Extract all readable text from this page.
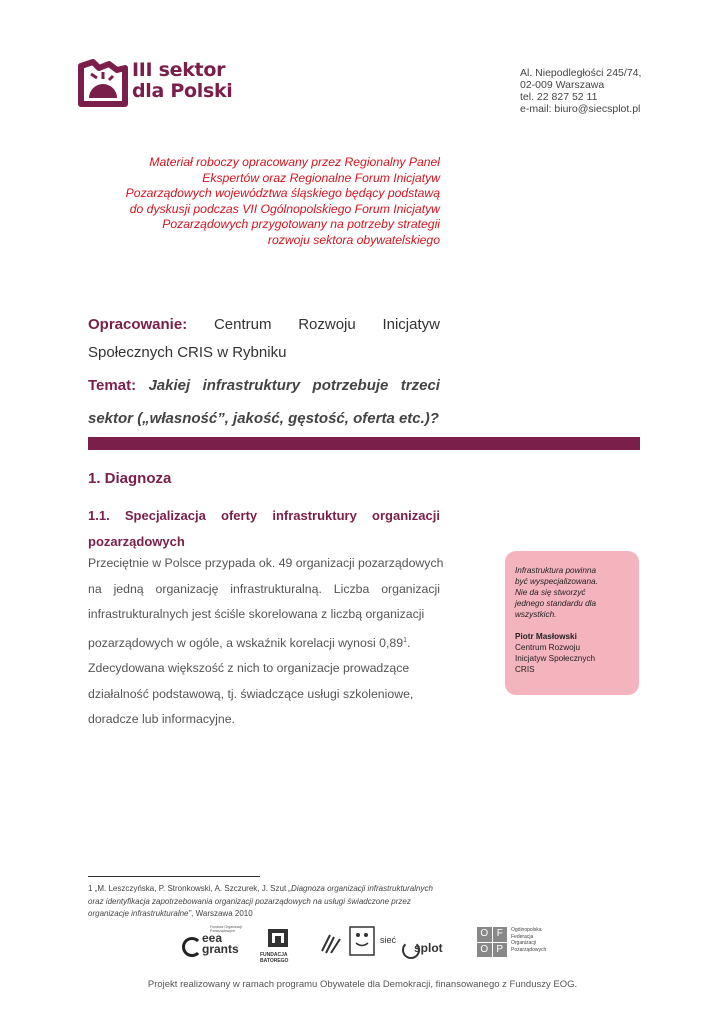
III sektor
dla Polski
Al. Niepodległości 245/74,
02-009 Warszawa
tel. 22 827 52 11
e-mail: biuro@siecsplot.pl
Materiał roboczy opracowany przez Regionalny Panel
Ekspertów oraz Regionalne Forum Inicjatyw
Pozarządowych województwa śląskiego będący podstawą
do dyskusji podczas VII Ogólnopolskiego Forum Inicjatyw
Pozarządowych przygotowany na potrzeby strategii
rozwoju sektora obywatelskiego
Opracowanie: Centrum Rozwoju Inicjatyw
Społecznych CRIS w Rybniku
Temat: Jakiej infrastruktury potrzebuje trzeci
sektor („własność”, jakość, gęstość, oferta etc.)?
1. Diagnoza
1.1. Specjalizacja oferty infrastruktury organizacji
pozarządowych
Przeciętnie w Polsce przypada ok. 49 organizacji pozarządowych
na jedną organizację infrastrukturalną. Liczba organizacji
infrastrukturalnych jest ściśle skorelowana z liczbą organizacji
pozarządowych w ogóle, a wskaźnik korelacji wynosi 0,89$^1$.
Zdecydowana większość z nich to organizacje prowadzące
działalność podstawową, tj. świadczące usługi szkoleniowe,
doradcze lub informacyjne.
Infrastruktura powinna
być wyspecjalizowana.
Nie da się stworzyć
jednego standardu dla
wszystkich.
Piotr Masłowski
Centrum Rozwoju
Inicjatyw Społecznych
CRIS
1 „M. Leszczyńska, P. Stronkowski, A. Szczurek, J. Szut „Diagnoza organizacji infrastrukturalnych oraz identyfikacja zapotrzebowania organizacji pozarządowych na usługi świadczone przez organizacje infrastrukturalne”, Warszawa 2010
Fundusz Organizacji Pozarządowych
eea
grants	FUNDACJA
BATOREGO
sieć
splot
O F
O P
Ogólnopolska
Federacja
Organizacji
Pozarządowych
Projekt realizowany w ramach programu Obywatele dla Demokracji, finansowanego z Funduszy EOG.
